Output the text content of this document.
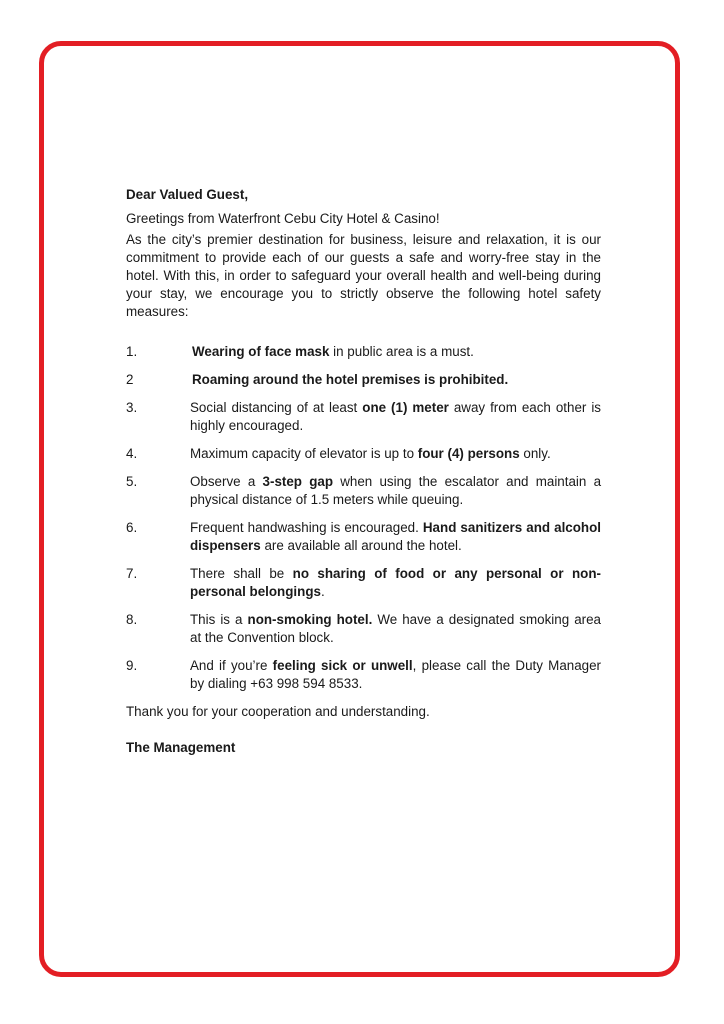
Dear Valued Guest,

Greetings from Waterfront Cebu City Hotel & Casino!

As the city’s premier destination for business, leisure and relaxation, it is our commitment to provide each of our guests a safe and worry-free stay in the hotel. With this, in order to safeguard your overall health and well-being during your stay, we encourage you to strictly observe the following hotel safety measures:

1.	Wearing of face mask in public area is a must.
2	Roaming around the hotel premises is prohibited.
3.	Social distancing of at least one (1) meter away from each other is highly encouraged.
4.	Maximum capacity of elevator is up to four (4) persons only.
5.	Observe a 3-step gap when using the escalator and maintain a physical distance of 1.5 meters while queuing.
6.	Frequent handwashing is encouraged. Hand sanitizers and alcohol dispensers are available all around the hotel.
7.	There shall be no sharing of food or any personal or non-personal belongings.
8.	This is a non-smoking hotel. We have a designated smoking area at the Convention block.
9.	And if you’re feeling sick or unwell, please call the Duty Manager by dialing +63 998 594 8533.

Thank you for your cooperation and understanding.

The Management
